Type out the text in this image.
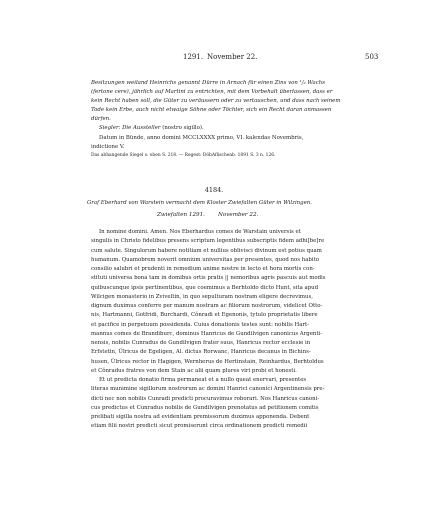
1291. November 22.	503
Besitzungen weiland Heinrichs genannt Dürre in Arnach für einen Zins von ¹/₂ Wachs
(fertone cere), jährlich auf Martini zu entrichten, mit dem Vorbehalt überlassen, dass er
kein Recht haben soll, die Güter zu veräussern oder zu vertauschen, und dass nach seinem
Tode kein Erbe, auch nicht etwaige Söhne oder Töchter, sich ein Recht daran anmassen
dürfen.
Siegler: Die Aussteller (nostro sigillo).
Datum in Bünde, anno domini MCCLXXXX primo, VI. kalendas Novembris,
indictione V.
Das abhangende Siegel s. oben S. 218. — Regest: DöbAflischeab. 1891 S. 3 n. 126.
4184.
Graf Eberhard von Warstein vermacht dem Kloster Zwiefalten Güter in Wilzingen.
Zwiefalten 1291. November 22.
In nomine domini. Amen. Nos Eberhardus comes de Warstain universis et
singulis in Christo fidelibus presens scriptum legentibus subscriptis fidem adhi[be]re
cum salute. Singulorum habere notitiam et nullius oblivisci divinum est potius quam
humanum. Quamobrem noverit omnium universitas per presentes, quod nos habito
consilio salubri et prudenti in remedium anime nostre in lecto et hora mortis con-
stituti universa bona tam in domibus ortis pratis || nemoribus agris pascuis aut modis
quibuscunque ipsis pertinentibus, que coemimus a Berhtoldo dicto Hunt, sita apud
Wilcigen monasterio in Zviveltin, in quo sepulturam nostram eligere decrevimus,
dignum duximus conferre per manum nostram ac filiorum nostrorum, videlicet Otto-
nis, Hartmanni, Gotfridi, Burchardi, Cŏnradi et Egenonis, tytulo proprietatis libere
et pacifice in perpetuum possidenda. Cuius donationis testes sunt: nobilis Hart-
mannus comes de Brandiburc, dominus Hanricus de Gundilvigen canonicus Argenti-
nensis, nobilis Cunradus de Gundilvigen frater suus, Hanricus rector ecclesie in
Erfstetin, Ŭlricus de Egeligen, Al. dictus Rorwanc, Hanricus decanus in Bichins-
husen, Ŭlricus rector in Hagigen, Wernherus de Hertinstain, Reinhardus, Berhtoldus
et Cŏnradus fratres von dem Stain ac alii quam plures viri probi et honesti.
Et ut predicta donatio firma permaneat et a nullo queat enervari, presentes
literas munimine sigillorum nostrorum ac domini Hanrici canonici Argentinensis pre-
dicti nec non nobilis Cunradi predicti procuravimus roborari. Nos Hanricus canoni-
cus predictus et Cunradus nobilis de Gundilvigen prenotatus ad petitionem comitis
prelibati sigilla nostra ad evidentiam premissorum duximus apponenda. Debent
etiam filii nostri predicti sicut promiserunt circa ordinationem predicti remedii
